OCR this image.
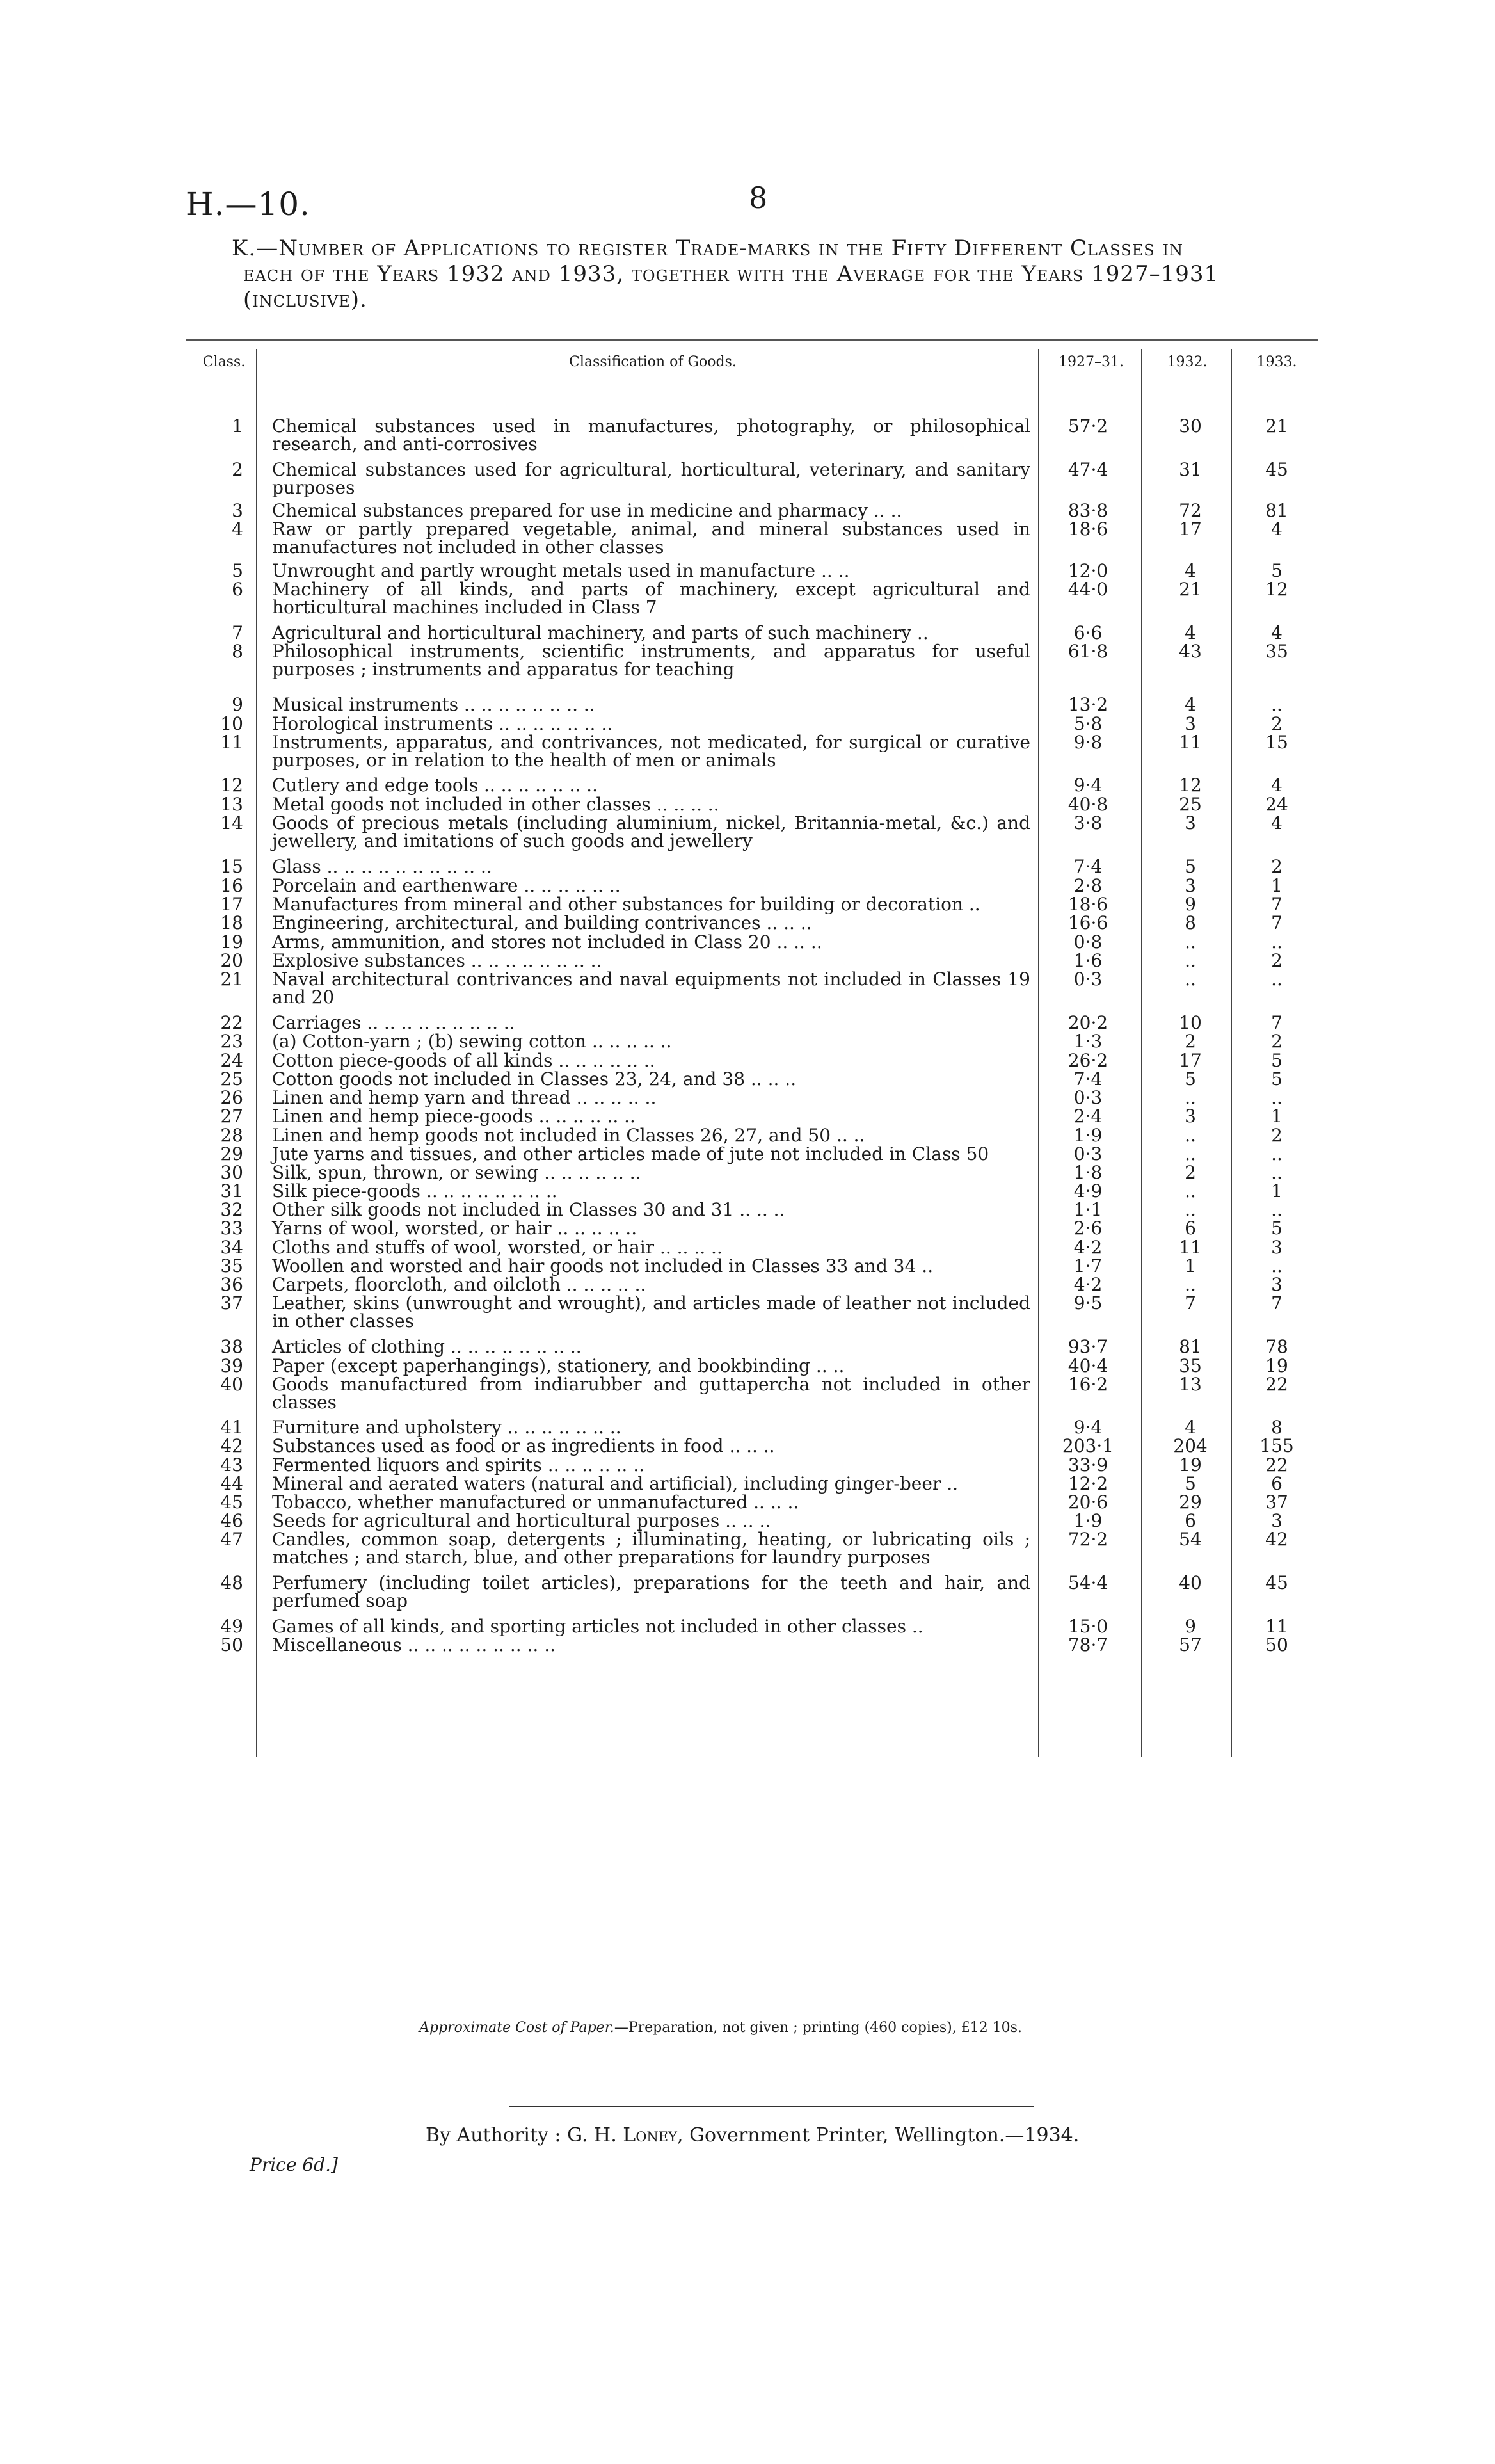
H.—10.	8
K.—Number of Applications to register Trade-marks in the Fifty Different Classes in
each of the Years 1932 and 1933, together with the Average for the Years 1927–1931
(inclusive).
Class.	Classification of Goods.	1927–31.	1932.	1933.
1 Chemical substances used in manufactures, photography, or philosophical research, and anti-corrosives
57·2	30	21
2 Chemical substances used for agricultural, horticultural, veterinary, and sanitary purposes
47·4	31	45
3 Chemical substances prepared for use in medicine and pharmacy .. ..	83·8	72	81
4 Raw or partly prepared vegetable, animal, and mineral substances used in manufactures not included in other classes
18·6	17	4
5 Unwrought and partly wrought metals used in manufacture .. ..	12·0	4	5
6 Machinery of all kinds, and parts of machinery, except agricultural and horticultural machines included in Class 7
44·0	21	12
7 Agricultural and horticultural machinery, and parts of such machinery ..	6·6	4	4
8 Philosophical instruments, scientific instruments, and apparatus for useful purposes ; instruments and apparatus for teaching
61·8	43	35
9 Musical instruments .. .. .. .. .. .. .. ..	13·2	4	..
10 Horological instruments .. .. .. .. .. .. ..	5·8	3	2
11 Instruments, apparatus, and contrivances, not medicated, for surgical or curative purposes, or in relation to the health of men or animals
9·8	11	15
12 Cutlery and edge tools .. .. .. .. .. .. ..	9·4	12	4
13 Metal goods not included in other classes .. .. .. ..	40·8	25	24
14 Goods of precious metals (including aluminium, nickel, Britannia-metal, &c.) and jewellery, and imitations of such goods and jewellery
3·8	3	4
15 Glass .. .. .. .. .. .. .. .. .. ..	7·4	5	2
16 Porcelain and earthenware .. .. .. .. .. ..	2·8	3	1
17 Manufactures from mineral and other substances for building or decoration ..	18·6	9	7
18 Engineering, architectural, and building contrivances .. .. ..	16·6	8	7
19 Arms, ammunition, and stores not included in Class 20 .. .. ..	0·8	..	..
20 Explosive substances .. .. .. .. .. .. .. ..	1·6	..	2
21 Naval architectural contrivances and naval equipments not included in Classes 19 and 20
0·3	..	..
22 Carriages .. .. .. .. .. .. .. .. ..	20·2	10	7
23 (a) Cotton-yarn ; (b) sewing cotton .. .. .. .. ..	1·3	2	2
24 Cotton piece-goods of all kinds .. .. .. .. .. ..	26·2	17	5
25 Cotton goods not included in Classes 23, 24, and 38 .. .. ..	7·4	5	5
26 Linen and hemp yarn and thread .. .. .. .. ..	0·3	..	..
27 Linen and hemp piece-goods .. .. .. .. .. ..	2·4	3	1
28 Linen and hemp goods not included in Classes 26, 27, and 50 .. ..	1·9	..	2
29 Jute yarns and tissues, and other articles made of jute not included in Class 50	0·3	..	..
30 Silk, spun, thrown, or sewing .. .. .. .. .. ..	1·8	2	..
31 Silk piece-goods .. .. .. .. .. .. .. ..	4·9	..	1
32 Other silk goods not included in Classes 30 and 31 .. .. ..	1·1	..	..
33 Yarns of wool, worsted, or hair .. .. .. .. ..	2·6	6	5
34 Cloths and stuffs of wool, worsted, or hair .. .. .. ..	4·2	11	3
35 Woollen and worsted and hair goods not included in Classes 33 and 34 ..	1·7	1	..
36 Carpets, floorcloth, and oilcloth .. .. .. .. ..	4·2	..	3
37 Leather, skins (unwrought and wrought), and articles made of leather not included in other classes
9·5	7	7
38 Articles of clothing .. .. .. .. .. .. .. ..	93·7	81	78
39 Paper (except paperhangings), stationery, and bookbinding .. ..	40·4	35	19
40 Goods manufactured from indiarubber and guttapercha not included in other classes
16·2	13	22
41 Furniture and upholstery .. .. .. .. .. .. ..	9·4	4	8
42 Substances used as food or as ingredients in food .. .. ..	203·1	204	155
43 Fermented liquors and spirits .. .. .. .. .. ..	33·9	19	22
44 Mineral and aerated waters (natural and artificial), including ginger-beer ..	12·2	5	6
45 Tobacco, whether manufactured or unmanufactured .. .. ..	20·6	29	37
46 Seeds for agricultural and horticultural purposes .. .. ..	1·9	6	3
47 Candles, common soap, detergents ; illuminating, heating, or lubricating oils ; matches ; and starch, blue, and other preparations for laundry purposes
72·2	54	42
48 Perfumery (including toilet articles), preparations for the teeth and hair, and perfumed soap
54·4	40	45
49 Games of all kinds, and sporting articles not included in other classes ..	15·0	9	11
50 Miscellaneous .. .. .. .. .. .. .. .. ..	78·7	57	50
Approximate Cost of Paper.—Preparation, not given ; printing (460 copies), £12 10s.
By Authority : G. H. Loney, Government Printer, Wellington.—1934.
Price 6d.]
